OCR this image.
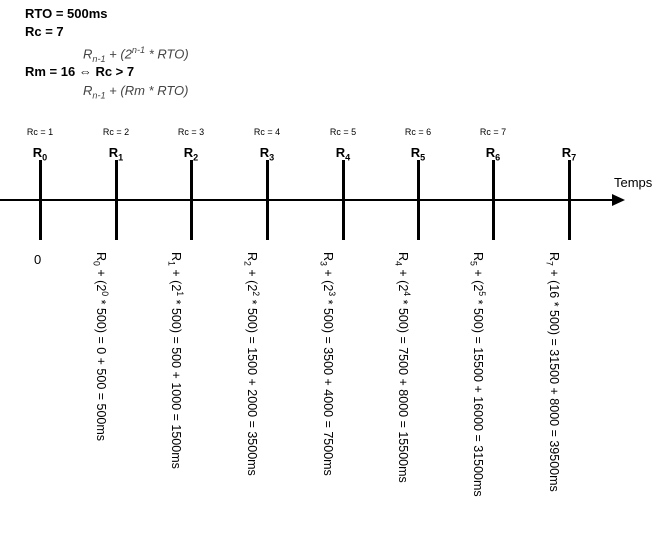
RTO = 500ms
Rc = 7
$R_{n-1} + (2^{n-1} * RTO)$
Rm = 16 ⇔ Rc > 7
$R_{n-1} + (Rm * RTO)$
Temps
Rc = 1
$R_0$
Rc = 2
$R_1$
Rc = 3
$R_2$
Rc = 4
$R_3$
Rc = 5
$R_4$
Rc = 6
$R_5$
Rc = 7
$R_6$	$R_7$
0	$R_0 + (2^0 * 500) = 0 + 500 = 500ms$
$R_1 + (2^1 * 500) = 500 + 1000 = 1500ms$
$R_2 + (2^2 * 500) = 1500 + 2000 = 3500ms$
$R_3 + (2^3 * 500) = 3500 + 4000 = 7500ms$
$R_4 + (2^4 * 500) = 7500 + 8000 = 15500ms$
$R_5 + (2^5 * 500) = 15500 + 16000 = 31500ms$
$R_7 + (16 * 500) = 31500 + 8000 = 39500ms$
